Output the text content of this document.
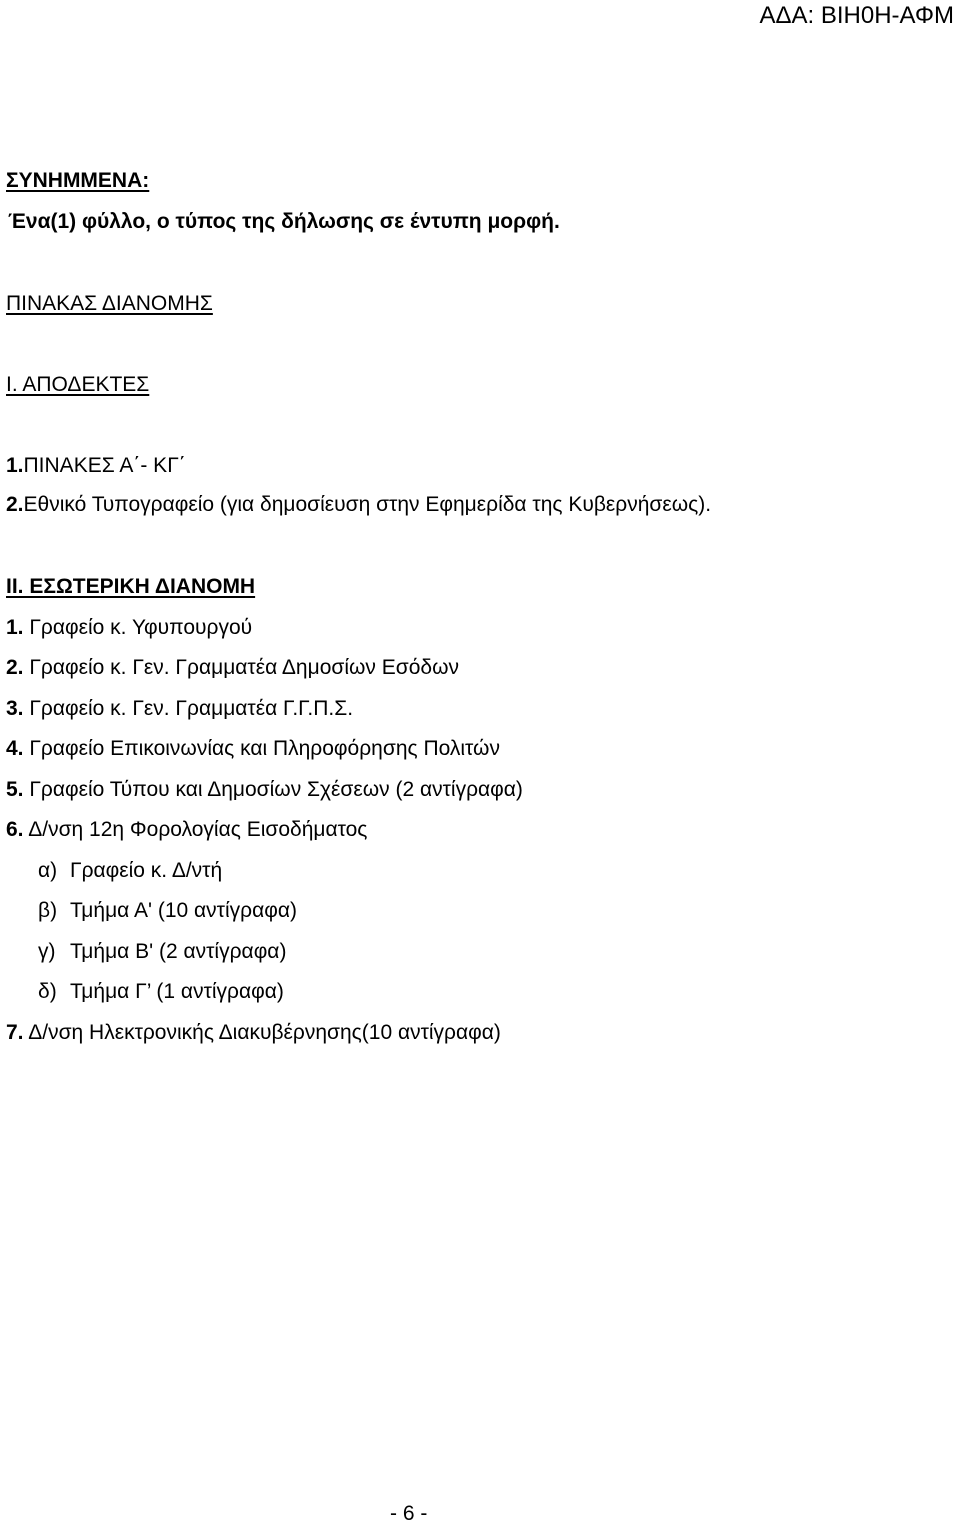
ΑΔΑ: ΒΙΗ0Η-ΑΦΜ
ΣΥΝΗΜΜΕΝΑ:
Ένα(1) φύλλο, ο τύπος της δήλωσης σε έντυπη μορφή.
ΠΙΝΑΚΑΣ ΔΙΑΝΟΜΗΣ
Ι. ΑΠΟΔΕΚΤΕΣ
1.ΠΙΝΑΚΕΣ Α΄- ΚΓ΄
2.Εθνικό Τυπογραφείο (για δημοσίευση στην Εφημερίδα της Κυβερνήσεως).
ΙΙ. ΕΣΩΤΕΡΙΚΗ ΔΙΑΝΟΜΗ
1. Γραφείο κ. Υφυπουργού
2. Γραφείο κ. Γεν. Γραμματέα Δημοσίων Εσόδων
3. Γραφείο κ. Γεν. Γραμματέα Γ.Γ.Π.Σ.
4. Γραφείο Επικοινωνίας και Πληροφόρησης Πολιτών
5. Γραφείο Τύπου και Δημοσίων Σχέσεων (2 αντίγραφα)
6. Δ/νση 12η Φορολογίας Εισοδήματος
α) Γραφείο κ. Δ/ντή
β) Τμήμα Α' (10 αντίγραφα)
γ) Τμήμα Β' (2 αντίγραφα)
δ) Τμήμα Γ’ (1 αντίγραφα)
7. Δ/νση Ηλεκτρονικής Διακυβέρνησης(10 αντίγραφα)
- 6 -
